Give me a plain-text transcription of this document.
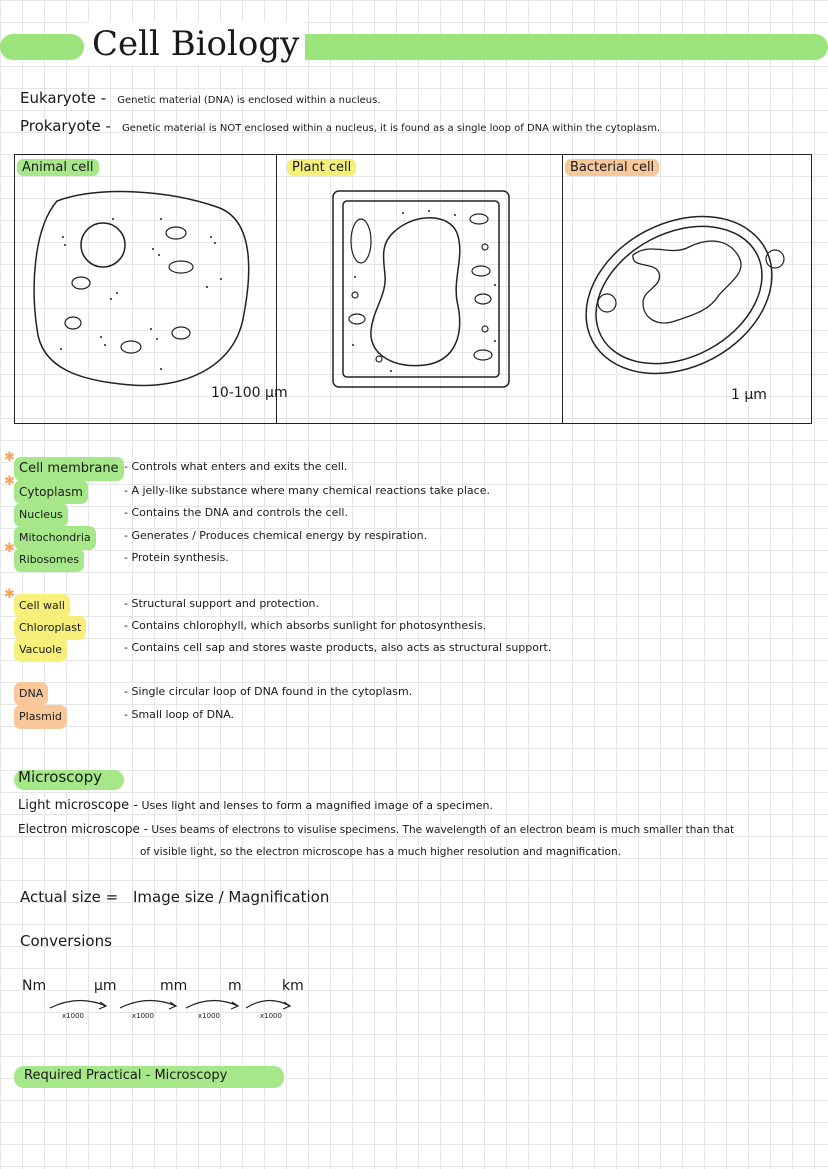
Cell Biology
Eukaryote - Genetic material (DNA) is enclosed within a nucleus.
Prokaryote - Genetic material is NOT enclosed within a nucleus, it is found as a single loop of DNA within the cytoplasm.
Animal cell	Plant cell
10-100 µm
Bacterial cell
1 µm
Cell membrane
✱
- Controls what enters and exits the cell.
Cytoplasm
✱
- A jelly-like substance where many chemical reactions take place.
Nucleus	- Contains the DNA and controls the cell.
Mitochondria	- Generates / Produces chemical energy by respiration.
Ribosomes
✱
- Protein synthesis.
Cell wall
✱
- Structural support and protection.
Chloroplast	- Contains chlorophyll, which absorbs sunlight for photosynthesis.
Vacuole	- Contains cell sap and stores waste products, also acts as structural support.
DNA	- Single circular loop of DNA found in the cytoplasm.
Plasmid	- Small loop of DNA.
Microscopy
Light microscope - Uses light and lenses to form a magnified image of a specimen.
Electron microscope - Uses beams of electrons to visulise specimens. The wavelength of an electron beam is much smaller than that
of visible light, so the electron microscope has a much higher resolution and magnification.
Actual size = Image size / Magnification
Conversions
Nm	µm	mm	m	km
x1000	x1000	x1000	x1000
Required Practical - Microscopy
